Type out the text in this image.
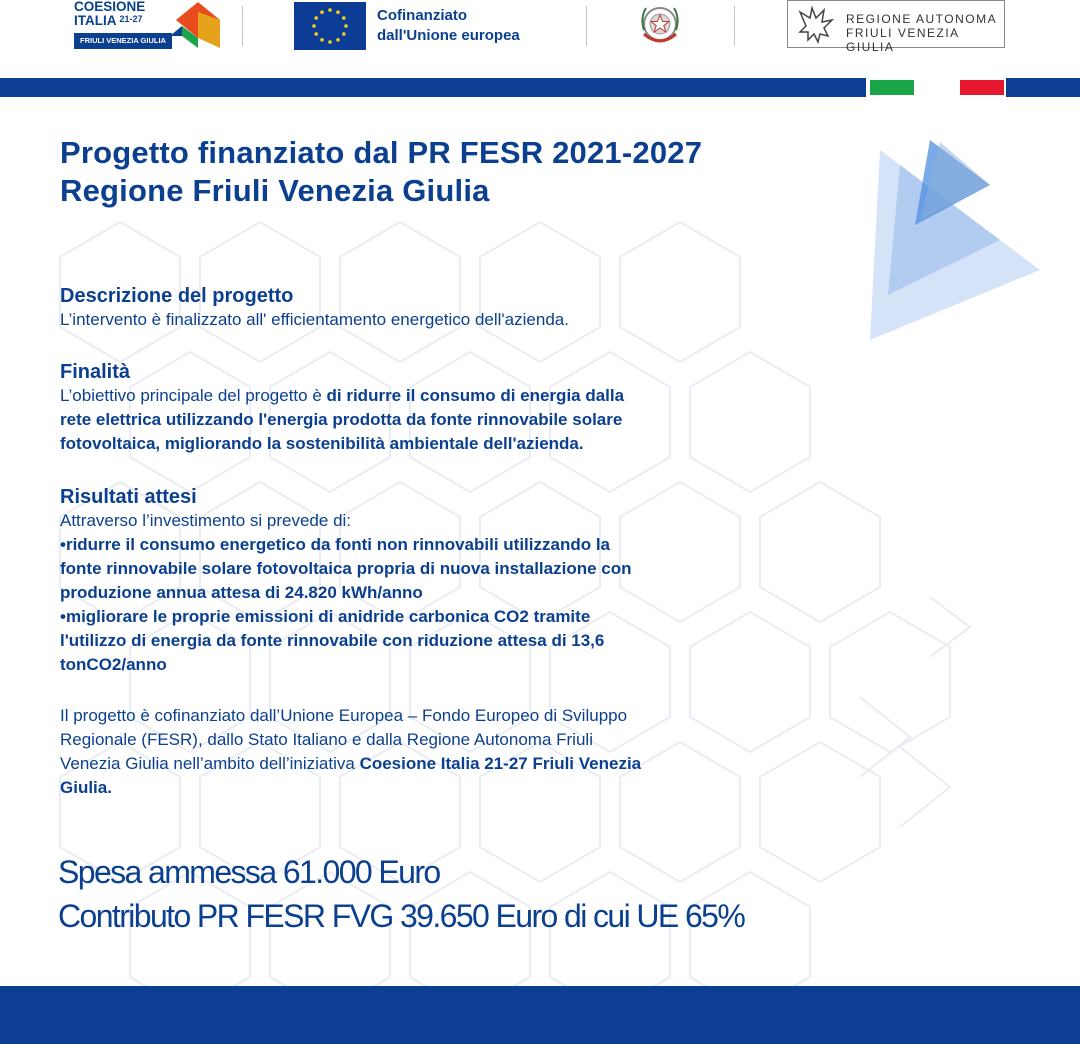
COESIONE
ITALIA $^{21-27}$
FRIULI VENEZIA GIULIA
Cofinanziato
dall'Unione europea
REGIONE AUTONOMA
FRIULI VENEZIA GIULIA
Progetto finanziato dal PR FESR 2021-2027
Regione Friuli Venezia Giulia
Descrizione del progetto

L’intervento è finalizzato all' efficientamento energetico dell'azienda.

Finalità

L’obiettivo principale del progetto è di ridurre il consumo di energia dalla
rete elettrica utilizzando l'energia prodotta da fonte rinnovabile solare
fotovoltaica, migliorando la sostenibilità ambientale dell'azienda.

Risultati attesi

Attraverso l’investimento si prevede di:

•ridurre il consumo energetico da fonti non rinnovabili utilizzando la
fonte rinnovabile solare fotovoltaica propria di nuova installazione con
produzione annua attesa di 24.820 kWh/anno

•migliorare le proprie emissioni di anidride carbonica CO2 tramite
l'utilizzo di energia da fonte rinnovabile con riduzione attesa di 13,6
tonCO2/anno

Il progetto è cofinanziato dall’Unione Europea – Fondo Europeo di Sviluppo
Regionale (FESR), dallo Stato Italiano e dalla Regione Autonoma Friuli
Venezia Giulia nell’ambito dell’iniziativa Coesione Italia 21-27 Friuli Venezia
Giulia.

Spesa ammessa 61.000 Euro
Contributo PR FESR FVG 39.650 Euro di cui UE 65%
